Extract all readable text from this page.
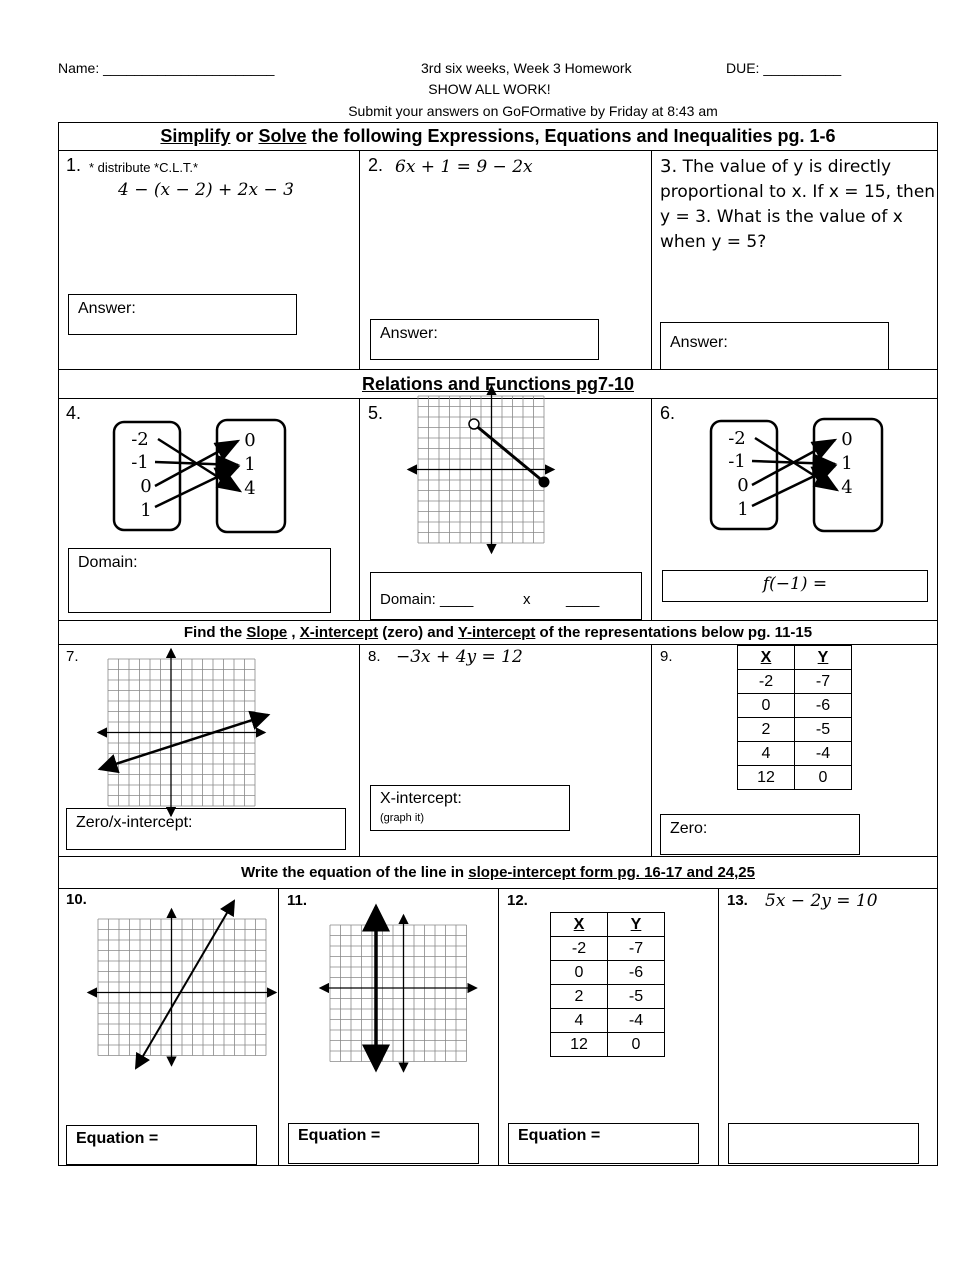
Name: ______________________	3rd six weeks, Week 3 Homework	DUE: __________
SHOW ALL WORK!
Submit your answers on GoFOrmative by Friday at 8:43 am
Simplify or Solve the following Expressions, Equations and Inequalities pg. 1-6
Relations and Functions pg7-10
Find the Slope , X-intercept (zero) and Y-intercept of the representations below pg. 11-15
Write the equation of the line in slope-intercept form pg. 16-17 and 24,25
1. * distribute *C.L.T.*
4 − (x − 2) + 2x − 3
Answer:
2. 6x + 1 = 9 − 2x
Answer:
3. The value of y is directly
proportional to x. If x = 15, then
y = 3. What is the value of x
when y = 5?
Answer:
4.
-2
-1
0
1
0
1
4
Domain:
5.
Domain: ____	x ____
6.
-2
-1
0
1
0
1
4
f(−1) =
7.
Zero/x-intercept:
8. −3x + 4y = 12
X-intercept:
(graph it)
9.	X	Y
-2	-7
0	-6
2	-5
4	-4
12	0
Zero:
10.
Equation =
11.
Equation =
12.
X	Y
-2	-7
0	-6
2	-5
4	-4
12	0
Equation =
13. 5x − 2y = 10
